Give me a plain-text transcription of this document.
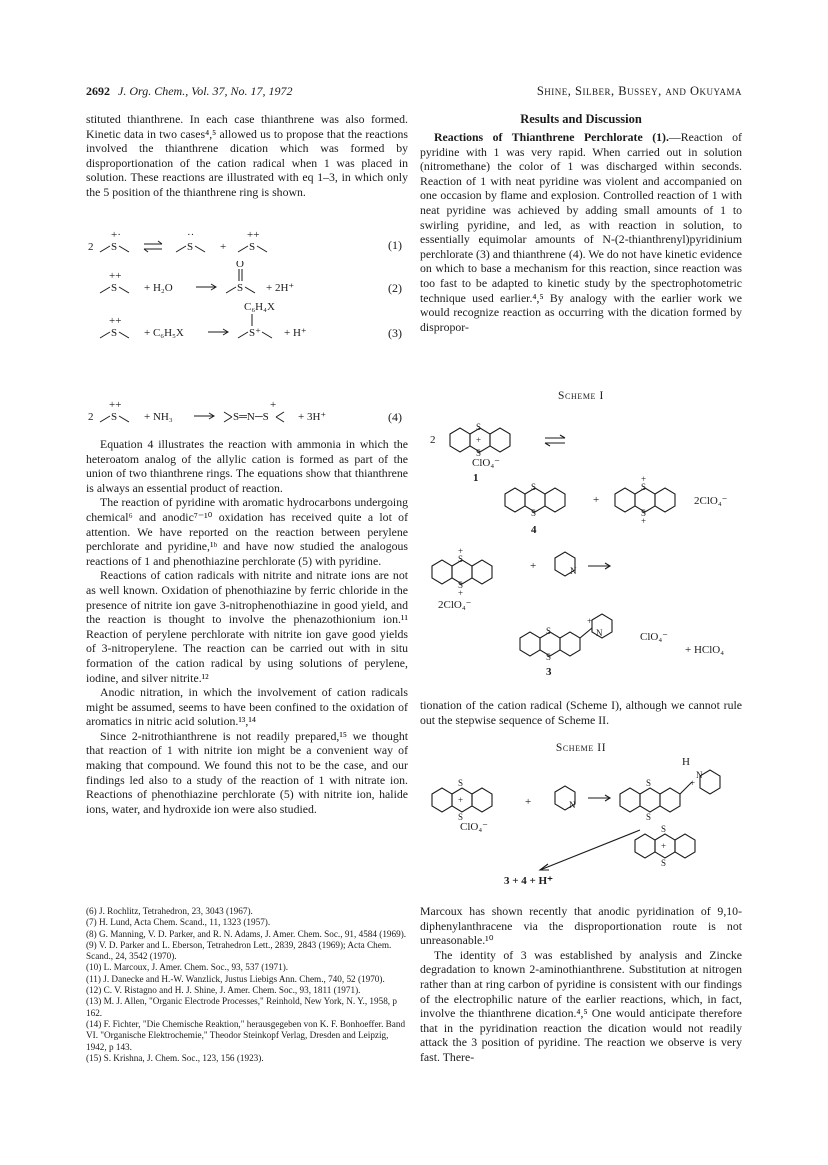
2692 J. Org. Chem., Vol. 37, No. 17, 1972	Shine, Silber, Bussey, and Okuyama

stituted thianthrene. In each case thianthrene was also formed. Kinetic data in two cases⁴,⁵ allowed us to propose that the reactions involved the thianthrene dication which was formed by disproportionation of the cation radical when 1 was placed in solution. These reactions are illustrated with eq 1–3, in which only the 5 position of the thianthrene ring is shown.

2 S
+·
S
··
+ S
++
(1)
S
++
+ H₂O	S
O
+ 2H⁺	(2)
S
++
+ C₆H₅X	S⁺
C₆H₄X
+ H⁺	(3)
2 S
++
+ NH₃	S═N─S
+
+ 3H⁺	(4)

Equation 4 illustrates the reaction with ammonia in which the heteroatom analog of the allylic cation is formed as part of the union of two thianthrene rings. The equations show that thianthrene is always an essential product of reaction.

The reaction of pyridine with aromatic hydrocarbons undergoing chemical⁶ and anodic⁷⁻¹⁰ oxidation has received quite a lot of attention. We have reported on the reaction between perylene perchlorate and pyridine,¹ᵇ and have now studied the analogous reactions of 1 and phenothiazine perchlorate (5) with pyridine.

Reactions of cation radicals with nitrite and nitrate ions are not as well known. Oxidation of phenothiazine by ferric chloride in the presence of nitrite ion gave 3-nitrophenothiazine in good yield, and the reaction is thought to involve the phenazothionium ion.¹¹ Reaction of perylene perchlorate with nitrite ion gave good yields of 3-nitroperylene. The reaction can be carried out with in situ formation of the cation radical by using solutions of perylene, iodine, and silver nitrite.¹²

Anodic nitration, in which the involvement of cation radicals might be assumed, seems to have been confined to the oxidation of aromatics in nitric acid solution.¹³,¹⁴

Since 2-nitrothianthrene is not readily prepared,¹⁵ we thought that reaction of 1 with nitrite ion might be a convenient way of making that compound. We found this not to be the case, and our findings led also to a study of the reaction of 1 with nitrate ion. Reactions of phenothiazine perchlorate (5) with nitrite ion, halide ions, water, and hydroxide ion were also studied.

(6) J. Rochlitz, Tetrahedron, 23, 3043 (1967).
(7) H. Lund, Acta Chem. Scand., 11, 1323 (1957).
(8) G. Manning, V. D. Parker, and R. N. Adams, J. Amer. Chem. Soc., 91, 4584 (1969).
(9) V. D. Parker and L. Eberson, Tetrahedron Lett., 2839, 2843 (1969); Acta Chem. Scand., 24, 3542 (1970).
(10) L. Marcoux, J. Amer. Chem. Soc., 93, 537 (1971).
(11) J. Danecke and H.-W. Wanzlick, Justus Liebigs Ann. Chem., 740, 52 (1970).
(12) C. V. Ristagno and H. J. Shine, J. Amer. Chem. Soc., 93, 1811 (1971).
(13) M. J. Allen, "Organic Electrode Processes," Reinhold, New York, N. Y., 1958, p 162.
(14) F. Fichter, "Die Chemische Reaktion," herausgegeben von K. F. Bonhoeffer. Band VI. "Organische Elektrochemie," Theodor Steinkopf Verlag, Dresden and Leipzig, 1942, p 143.
(15) S. Krishna, J. Chem. Soc., 123, 156 (1923).
Results and Discussion

Reactions of Thianthrene Perchlorate (1).—Reaction of pyridine with 1 was very rapid. When carried out in solution (nitromethane) the color of 1 was discharged within seconds. Reaction of 1 with neat pyridine was violent and accompanied on one occasion by flame and explosion. Controlled reaction of 1 with neat pyridine was achieved by adding small amounts of 1 to swirling pyridine, and led, as with reaction in solution, to essentially equimolar amounts of N-(2-thianthrenyl)pyridinium perchlorate (3) and thianthrene (4). We do not have kinetic evidence on which to base a mechanism for this reaction, since reaction was too fast to be adapted to kinetic study by the spectrophotometric technique used earlier.⁴,⁵ By analogy with the earlier work we would recognize reaction as occurring with the dication formed by dispropor-

Scheme I
S
S
+
S
S
S
S
+
+
S
S
+
+
N
S
S
N
+
2
ClO₄⁻
1
+
4
2ClO₄⁻
+
2ClO₄⁻
ClO₄⁻
+ HClO₄
3

tionation of the cation radical (Scheme I), although we cannot rule out the stepwise sequence of Scheme II.

Scheme II
S
S
+	N
S
S
N
+
S
S
+
+
ClO₄⁻
H
3 + 4 + H⁺

Marcoux has shown recently that anodic pyridination of 9,10-diphenylanthracene via the disproportionation route is not unreasonable.¹⁰

The identity of 3 was established by analysis and Zincke degradation to known 2-aminothianthrene. Substitution at nitrogen rather than at ring carbon of pyridine is consistent with our findings of the electrophilic nature of the earlier reactions, which, in fact, involve the thianthrene dication.⁴,⁵ One would anticipate therefore that in the pyridination reaction the dication would not readily attack the 3 position of pyridine. The reaction we observe is very fast. There-
